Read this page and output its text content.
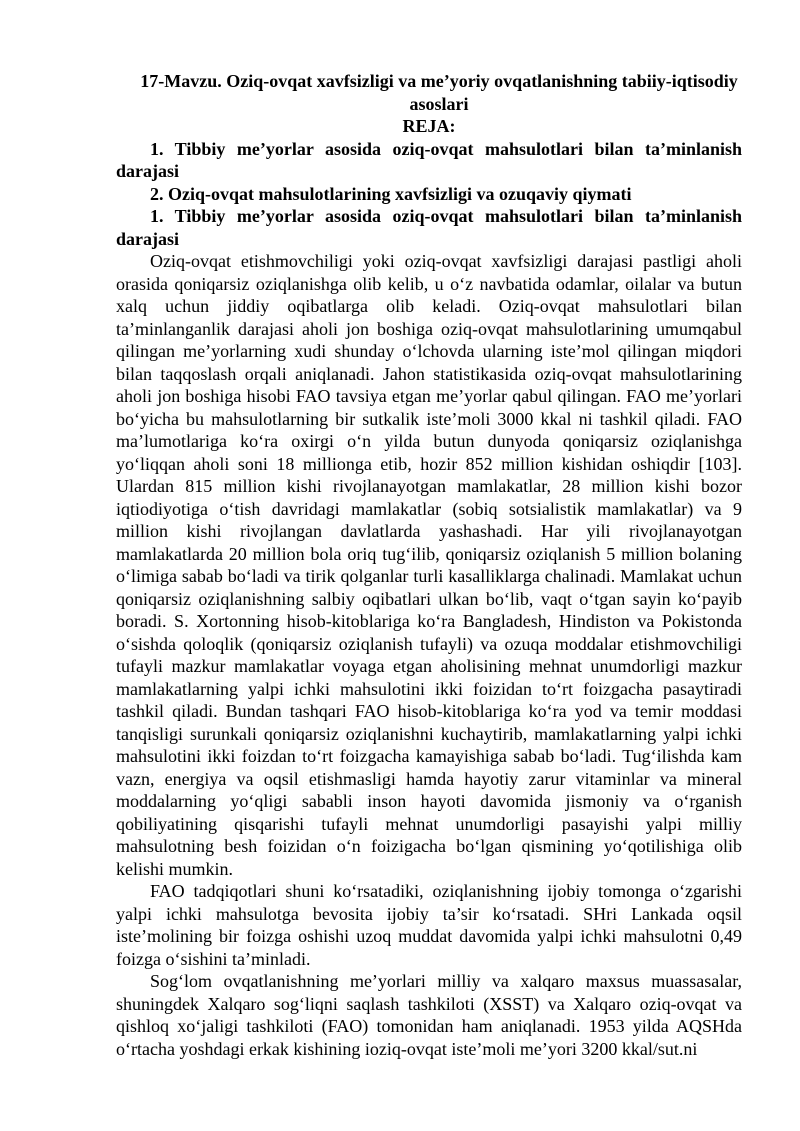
17-Mavzu. Oziq-ovqat xavfsizligi va me’yoriy ovqatlanishning tabiiy-iqtisodiy asoslari

REJA:

1. Tibbiy me’yorlar asosida oziq-ovqat mahsulotlari bilan ta’minlanish darajasi

2. Oziq-ovqat mahsulotlarining xavfsizligi va ozuqaviy qiymati

1. Tibbiy me’yorlar asosida oziq-ovqat mahsulotlari bilan ta’minlanish darajasi

Oziq-ovqat etishmovchiligi yoki oziq-ovqat xavfsizligi darajasi pastligi aholi orasida qoniqarsiz oziqlanishga olib kelib, u o‘z navbatida odamlar, oilalar va butun xalq uchun jiddiy oqibatlarga olib keladi. Oziq-ovqat mahsulotlari bilan ta’minlanganlik darajasi aholi jon boshiga oziq-ovqat mahsulotlarining umumqabul qilingan me’yorlarning xudi shunday o‘lchovda ularning iste’mol qilingan miqdori bilan taqqoslash orqali aniqlanadi. Jahon statistikasida oziq-ovqat mahsulotlarining aholi jon boshiga hisobi FAO tavsiya etgan me’yorlar qabul qilingan. FAO me’yorlari bo‘yicha bu mahsulotlarning bir sutkalik iste’moli 3000 kkal ni tashkil qiladi. FAO ma’lumotlariga ko‘ra oxirgi o‘n yilda butun dunyoda qoniqarsiz oziqlanishga yo‘liqqan aholi soni 18 millionga etib, hozir 852 million kishidan oshiqdir [103]. Ulardan 815 million kishi rivojlanayotgan mamlakatlar, 28 million kishi bozor iqtiodiyotiga o‘tish davridagi mamlakatlar (sobiq sotsialistik mamlakatlar) va 9 million kishi rivojlangan davlatlarda yashashadi. Har yili rivojlanayotgan mamlakatlarda 20 million bola oriq tug‘ilib, qoniqarsiz oziqlanish 5 million bolaning o‘limiga sabab bo‘ladi va tirik qolganlar turli kasalliklarga chalinadi. Mamlakat uchun qoniqarsiz oziqlanishning salbiy oqibatlari ulkan bo‘lib, vaqt o‘tgan sayin ko‘payib boradi. S. Xortonning hisob-kitoblariga ko‘ra Bangladesh, Hindiston va Pokistonda o‘sishda qoloqlik (qoniqarsiz oziqlanish tufayli) va ozuqa moddalar etishmovchiligi tufayli mazkur mamlakatlar voyaga etgan aholisining mehnat unumdorligi mazkur mamlakatlarning yalpi ichki mahsulotini ikki foizidan to‘rt foizgacha pasaytiradi tashkil qiladi. Bundan tashqari FAO hisob-kitoblariga ko‘ra yod va temir moddasi tanqisligi surunkali qoniqarsiz oziqlanishni kuchaytirib, mamlakatlarning yalpi ichki mahsulotini ikki foizdan to‘rt foizgacha kamayishiga sabab bo‘ladi. Tug‘ilishda kam vazn, energiya va oqsil etishmasligi hamda hayotiy zarur vitaminlar va mineral moddalarning yo‘qligi sababli inson hayoti davomida jismoniy va o‘rganish qobiliyatining qisqarishi tufayli mehnat unumdorligi pasayishi yalpi milliy mahsulotning besh foizidan o‘n foizigacha bo‘lgan qismining yo‘qotilishiga olib kelishi mumkin.

FAO tadqiqotlari shuni ko‘rsatadiki, oziqlanishning ijobiy tomonga o‘zgarishi yalpi ichki mahsulotga bevosita ijobiy ta’sir ko‘rsatadi. SHri Lankada oqsil iste’molining bir foizga oshishi uzoq muddat davomida yalpi ichki mahsulotni 0,49 foizga o‘sishini ta’minladi.

Sog‘lom ovqatlanishning me’yorlari milliy va xalqaro maxsus muassasalar, shuningdek Xalqaro sog‘liqni saqlash tashkiloti (XSST) va Xalqaro oziq-ovqat va qishloq xo‘jaligi tashkiloti (FAO) tomonidan ham aniqlanadi. 1953 yilda AQSHda o‘rtacha yoshdagi erkak kishining ioziq-ovqat iste’moli me’yori 3200 kkal/sut.ni
